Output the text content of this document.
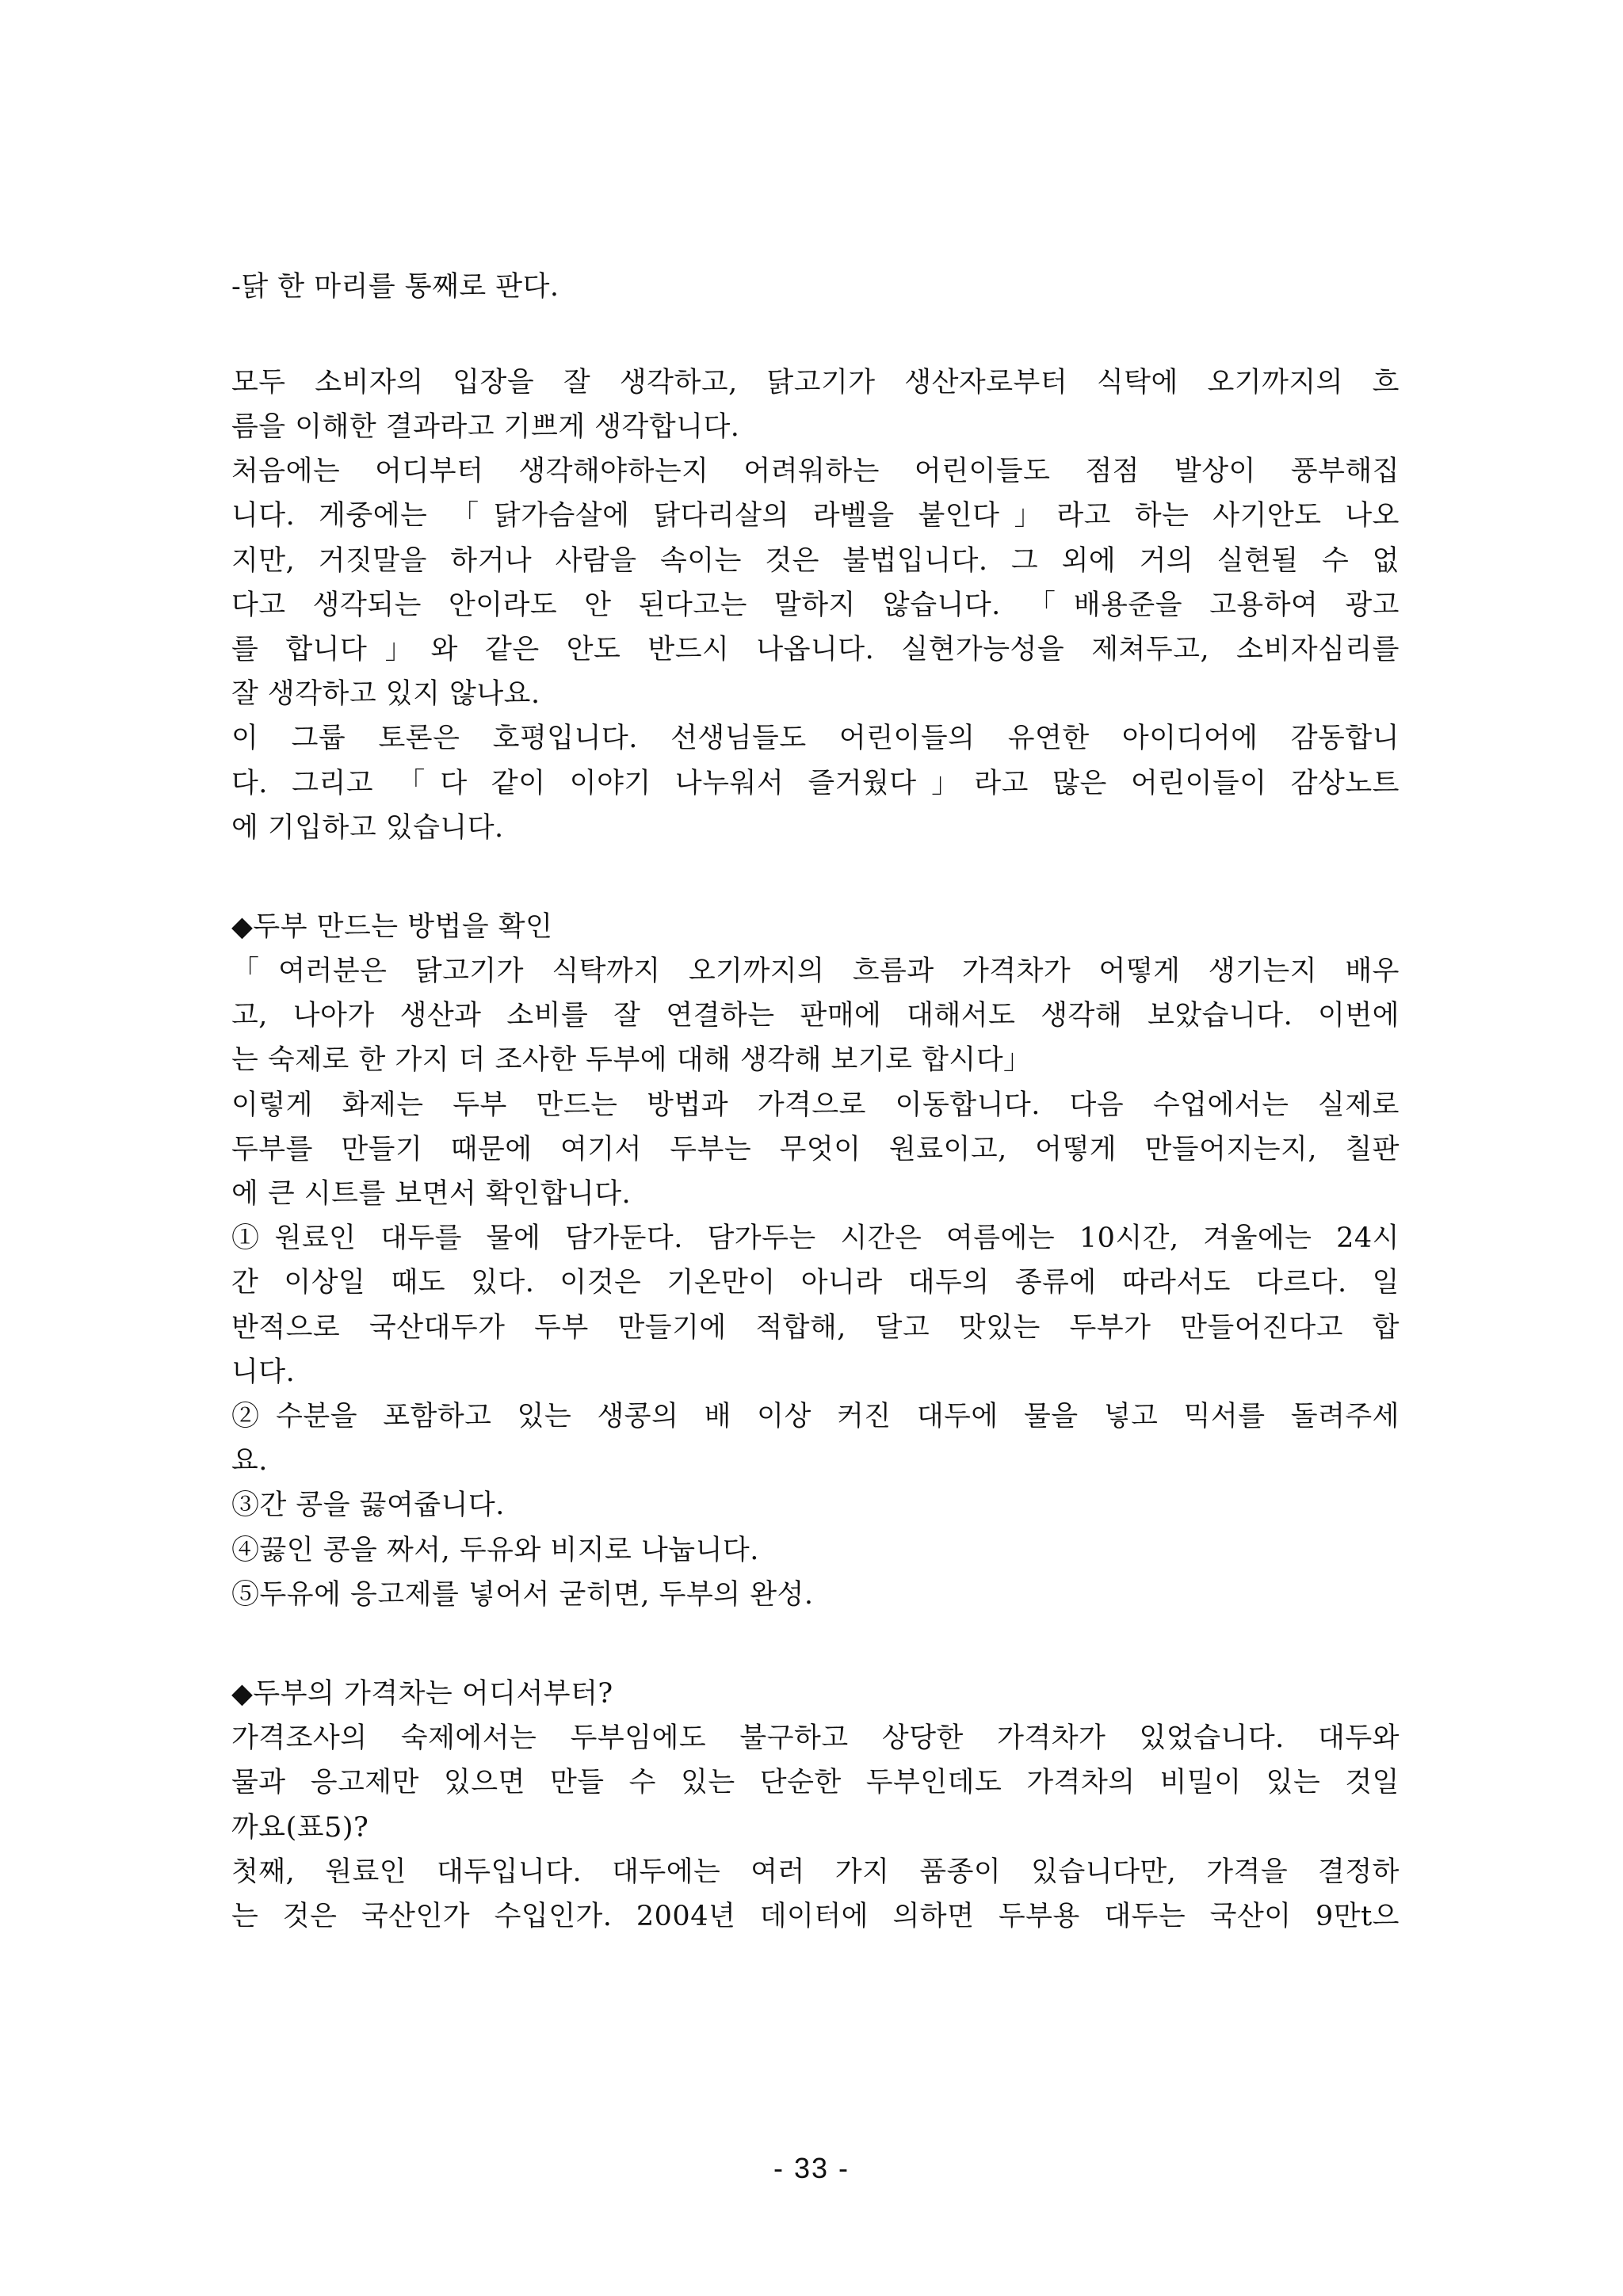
-닭 한 마리를 통째로 판다.
모두 소비자의 입장을 잘 생각하고, 닭고기가 생산자로부터 식탁에 오기까지의 흐
름을 이해한 결과라고 기쁘게 생각합니다.
처음에는 어디부터 생각해야하는지 어려워하는 어린이들도 점점 발상이 풍부해집
니다. 게중에는 「닭가슴살에 닭다리살의 라벨을 붙인다」라고 하는 사기안도 나오
지만, 거짓말을 하거나 사람을 속이는 것은 불법입니다. 그 외에 거의 실현될 수 없
다고 생각되는 안이라도 안 된다고는 말하지 않습니다. 「배용준을 고용하여 광고
를 합니다」와 같은 안도 반드시 나옵니다. 실현가능성을 제쳐두고, 소비자심리를
잘 생각하고 있지 않나요.
이 그룹 토론은 호평입니다. 선생님들도 어린이들의 유연한 아이디어에 감동합니
다. 그리고 「다 같이 이야기 나누워서 즐거웠다」라고 많은 어린이들이 감상노트
에 기입하고 있습니다.
◆두부 만드는 방법을 확인
「여러분은 닭고기가 식탁까지 오기까지의 흐름과 가격차가 어떻게 생기는지 배우
고, 나아가 생산과 소비를 잘 연결하는 판매에 대해서도 생각해 보았습니다. 이번에
는 숙제로 한 가지 더 조사한 두부에 대해 생각해 보기로 합시다」
이렇게 화제는 두부 만드는 방법과 가격으로 이동합니다. 다음 수업에서는 실제로
두부를 만들기 때문에 여기서 두부는 무엇이 원료이고, 어떻게 만들어지는지, 칠판
에 큰 시트를 보면서 확인합니다.
①원료인 대두를 물에 담가둔다. 담가두는 시간은 여름에는 10시간, 겨울에는 24시
간 이상일 때도 있다. 이것은 기온만이 아니라 대두의 종류에 따라서도 다르다. 일
반적으로 국산대두가 두부 만들기에 적합해, 달고 맛있는 두부가 만들어진다고 합
니다.
②수분을 포함하고 있는 생콩의 배 이상 커진 대두에 물을 넣고 믹서를 돌려주세
요.
③간 콩을 끓여줍니다.
④끓인 콩을 짜서, 두유와 비지로 나눕니다.
⑤두유에 응고제를 넣어서 굳히면, 두부의 완성.
◆두부의 가격차는 어디서부터?
가격조사의 숙제에서는 두부임에도 불구하고 상당한 가격차가 있었습니다. 대두와
물과 응고제만 있으면 만들 수 있는 단순한 두부인데도 가격차의 비밀이 있는 것일
까요(표5)?
첫째, 원료인 대두입니다. 대두에는 여러 가지 품종이 있습니다만, 가격을 결정하
는 것은 국산인가 수입인가. 2004년 데이터에 의하면 두부용 대두는 국산이 9만t으
- 33 -
